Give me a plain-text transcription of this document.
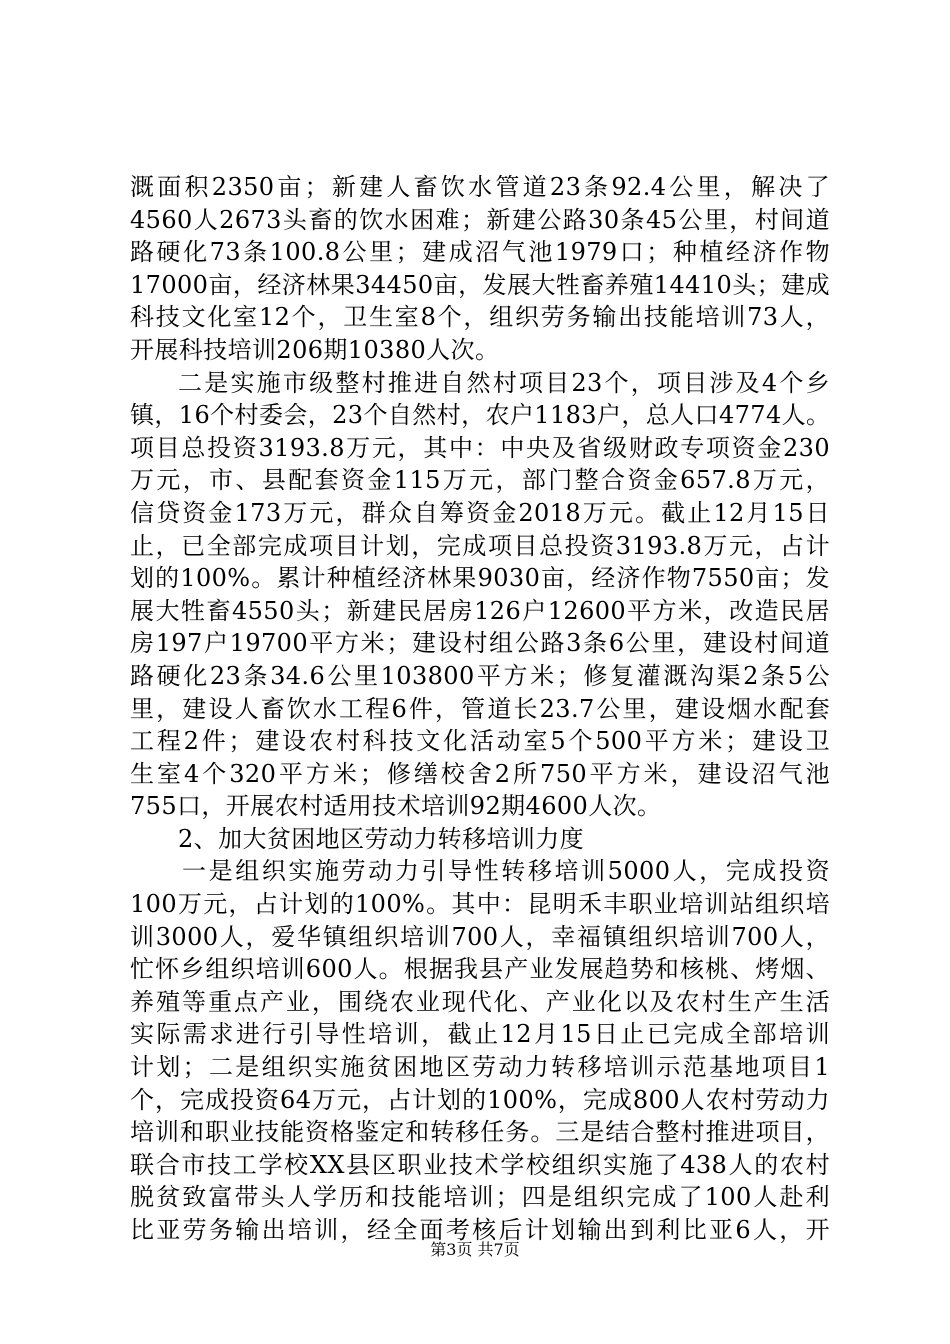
溉面积2350亩；新建人畜饮水管道23条92.4公里，解决了
4560人2673头畜的饮水困难；新建公路30条45公里，村间道
路硬化73条100.8公里；建成沼气池1979口；种植经济作物
17000亩，经济林果34450亩，发展大牲畜养殖14410头；建成
科技文化室12个，卫生室8个，组织劳务输出技能培训73人，
开展科技培训206期10380人次。
二是实施市级整村推进自然村项目23个，项目涉及4个乡
镇，16个村委会，23个自然村，农户1183户，总人口4774人。
项目总投资3193.8万元，其中：中央及省级财政专项资金230
万元，市、县配套资金115万元，部门整合资金657.8万元，
信贷资金173万元，群众自筹资金2018万元。截止12月15日
止，已全部完成项目计划，完成项目总投资3193.8万元，占计
划的100%。累计种植经济林果9030亩，经济作物7550亩；发
展大牲畜4550头；新建民居房126户12600平方米，改造民居
房197户19700平方米；建设村组公路3条6公里，建设村间道
路硬化23条34.6公里103800平方米；修复灌溉沟渠2条5公
里，建设人畜饮水工程6件，管道长23.7公里，建设烟水配套
工程2件；建设农村科技文化活动室5个500平方米；建设卫
生室4个320平方米；修缮校舍2所750平方米，建设沼气池
755口，开展农村适用技术培训92期4600人次。
2、加大贫困地区劳动力转移培训力度
一是组织实施劳动力引导性转移培训5000人，完成投资
100万元，占计划的100%。其中：昆明禾丰职业培训站组织培
训3000人，爱华镇组织培训700人，幸福镇组织培训700人，
忙怀乡组织培训600人。根据我县产业发展趋势和核桃、烤烟、
养殖等重点产业，围绕农业现代化、产业化以及农村生产生活
实际需求进行引导性培训，截止12月15日止已完成全部培训
计划；二是组织实施贫困地区劳动力转移培训示范基地项目1
个，完成投资64万元，占计划的100%，完成800人农村劳动力
培训和职业技能资格鉴定和转移任务。三是结合整村推进项目，
联合市技工学校XX县区职业技术学校组织实施了438人的农村
脱贫致富带头人学历和技能培训；四是组织完成了100人赴利
比亚劳务输出培训，经全面考核后计划输出到利比亚6人，开
第3页 共7页
